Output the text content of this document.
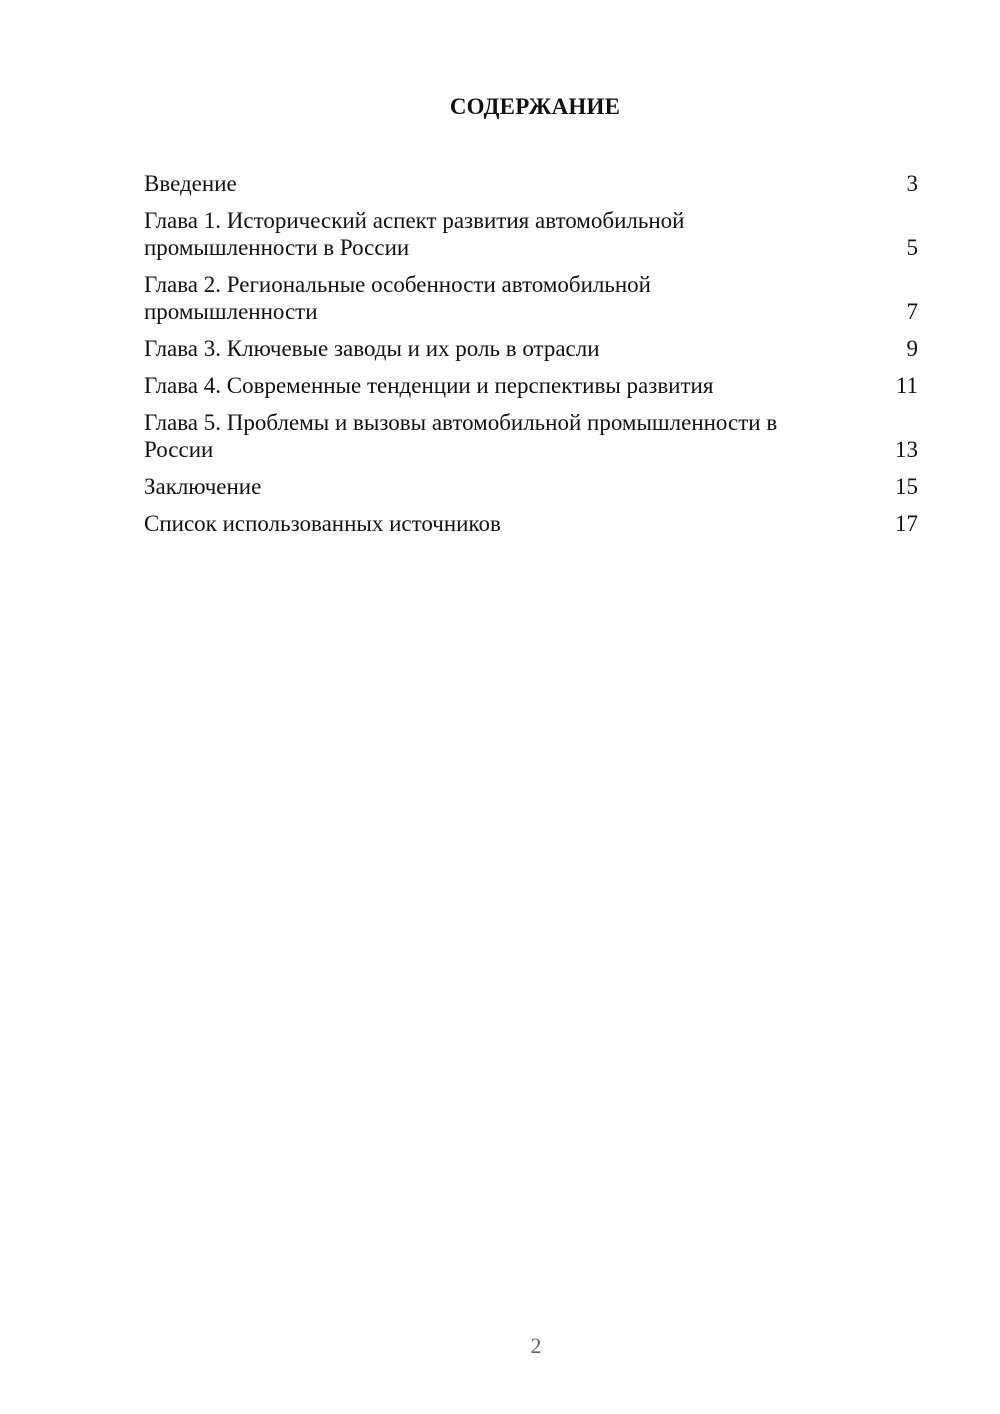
СОДЕРЖАНИЕ
Введение	3
Глава 1. Исторический аспект развития автомобильной промышленности в России	5
Глава 2. Региональные особенности автомобильной промышленности	7
Глава 3. Ключевые заводы и их роль в отрасли	9
Глава 4. Современные тенденции и перспективы развития	11
Глава 5. Проблемы и вызовы автомобильной промышленности в России	13
Заключение	15
Список использованных источников	17
2
